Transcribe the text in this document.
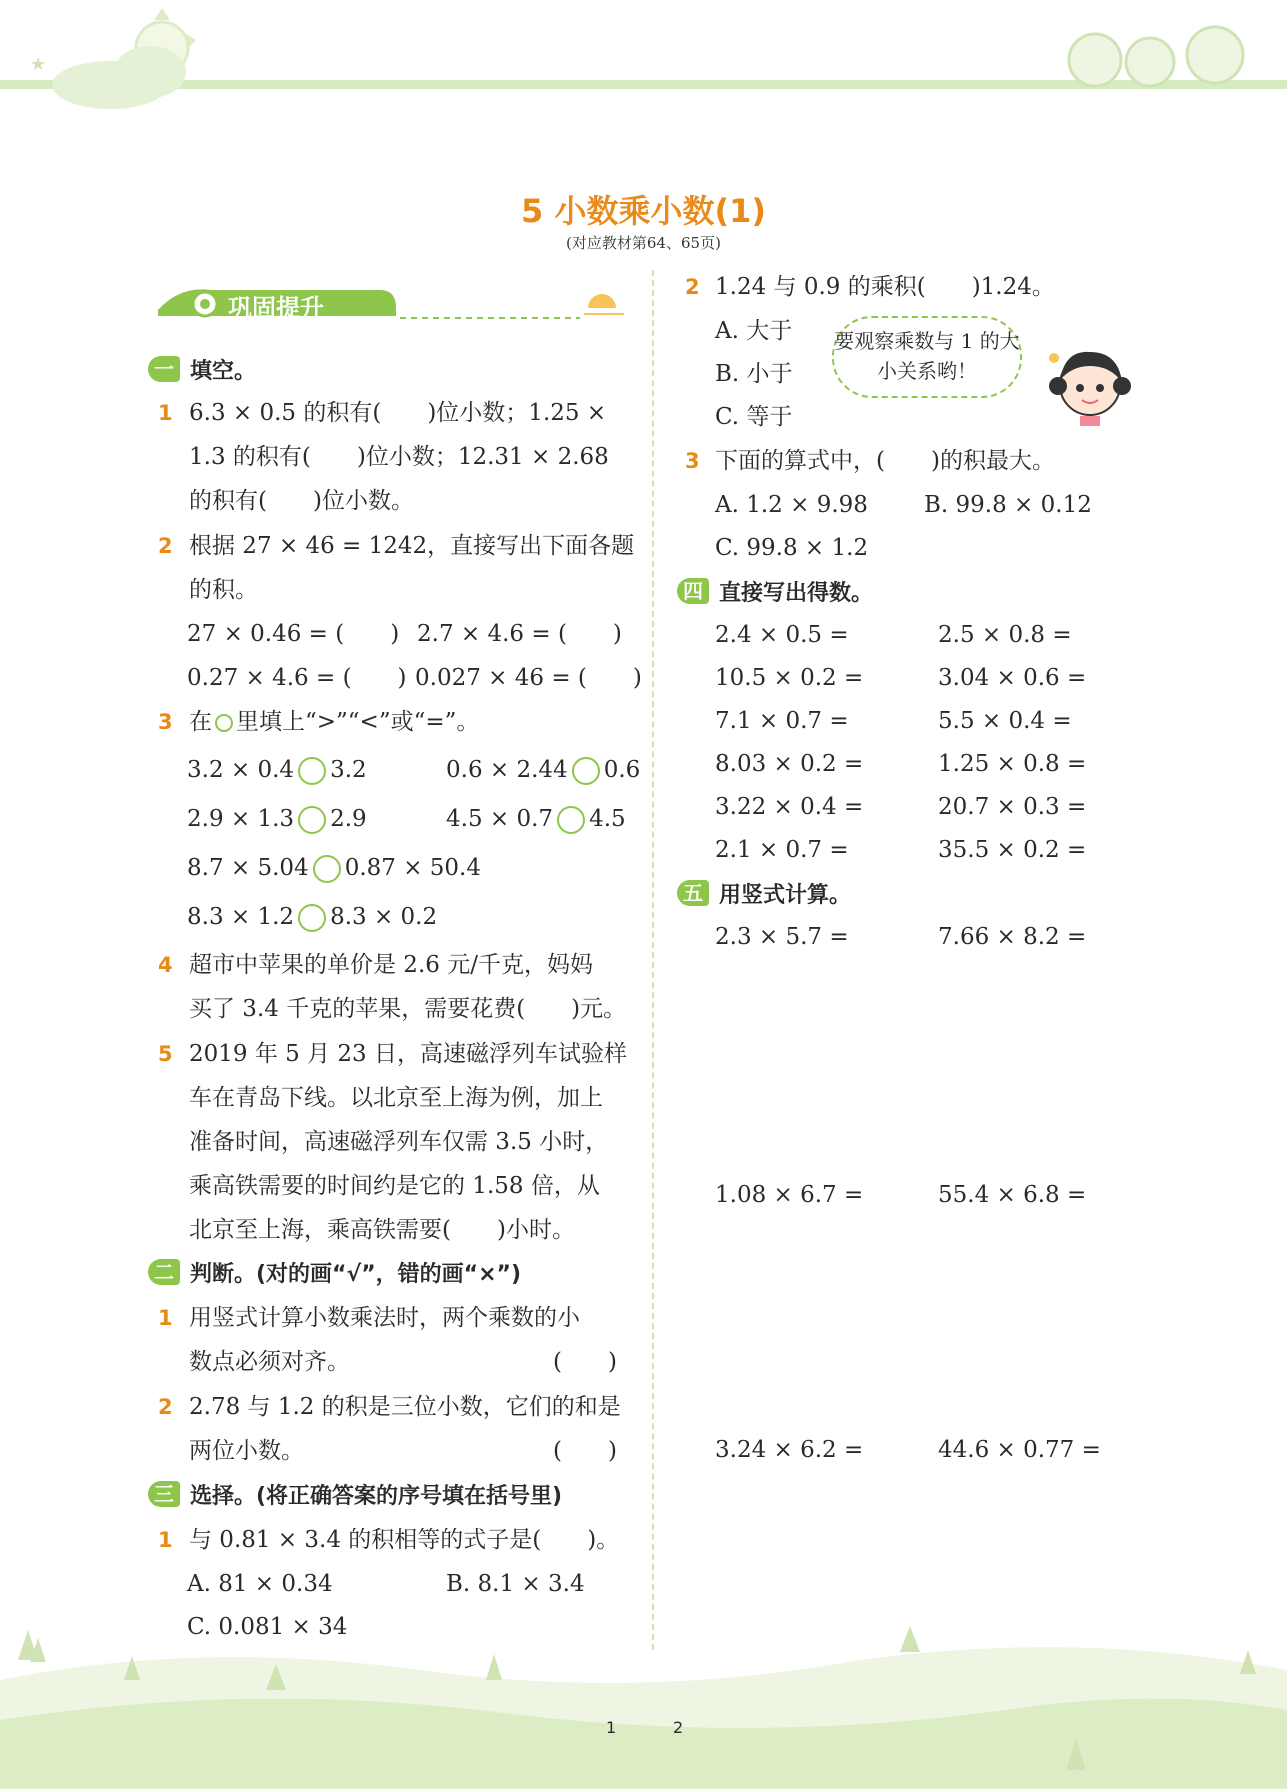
★
5 小数乘小数(1)
(对应教材第64、65页)
巩固提升
一 填空。
1 6.3 × 0.5 的积有(　　)位小数；1.25 ×
1.3 的积有(　　)位小数；12.31 × 2.68
的积有(　　)位小数。
2 根据 27 × 46 = 1242，直接写出下面各题
的积。
27 × 0.46 = (　　) 2.7 × 4.6 = (　　)
0.27 × 4.6 = (　　) 0.027 × 46 = (　　)
3 在 里填上“>”“<”或“=”。
3.2 × 0.4 3.2	0.6 × 2.44 0.6
2.9 × 1.3 2.9	4.5 × 0.7 4.5
8.7 × 5.04 0.87 × 50.4
8.3 × 1.2 8.3 × 0.2
4 超市中苹果的单价是 2.6 元/千克，妈妈
买了 3.4 千克的苹果，需要花费(　　)元。
5 2019 年 5 月 23 日，高速磁浮列车试验样
车在青岛下线。以北京至上海为例，加上
准备时间，高速磁浮列车仅需 3.5 小时，
乘高铁需要的时间约是它的 1.58 倍，从
北京至上海，乘高铁需要(　　)小时。
二 判断。(对的画“√”，错的画“×”)
1 用竖式计算小数乘法时，两个乘数的小
数点必须对齐。	(　　)
2 2.78 与 1.2 的积是三位小数，它们的和是
两位小数。	(　　)
三 选择。(将正确答案的序号填在括号里)
1 与 0.81 × 3.4 的积相等的式子是(　　)。
A. 81 × 0.34	B. 8.1 × 3.4
C. 0.081 × 34
2 1.24 与 0.9 的乘积(　　)1.24。
A. 大于
B. 小于
C. 等于
要观察乘数与 1 的大小关系哟！
3 下面的算式中，(　　)的积最大。
A. 1.2 × 9.98 B. 99.8 × 0.12
C. 99.8 × 1.2
四 直接写出得数。
2.4 × 0.5 =	2.5 × 0.8 =
10.5 × 0.2 =	3.04 × 0.6 =
7.1 × 0.7 =	5.5 × 0.4 =
8.03 × 0.2 =	1.25 × 0.8 =
3.22 × 0.4 =	20.7 × 0.3 =
2.1 × 0.7 =	35.5 × 0.2 =
五 用竖式计算。
2.3 × 5.7 =	7.66 × 8.2 =
1.08 × 6.7 =	55.4 × 6.8 =
3.24 × 6.2 =	44.6 × 0.77 =
1	2
